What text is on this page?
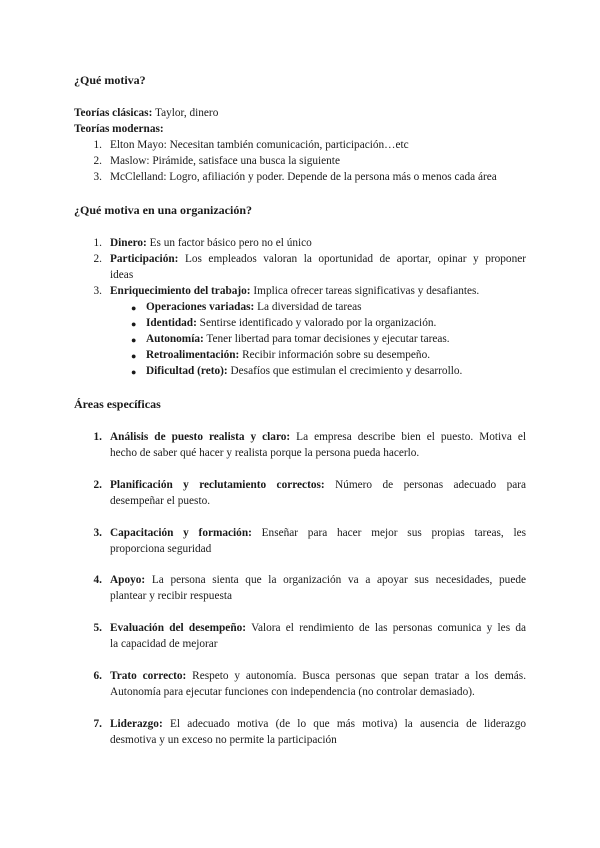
¿Qué motiva?
Teorías clásicas: Taylor, dinero
Teorías modernas:
1. Elton Mayo: Necesitan también comunicación, participación…etc
2. Maslow: Pirámide, satisface una busca la siguiente
3. McClelland: Logro, afiliación y poder. Depende de la persona más o menos cada área
¿Qué motiva en una organización?
1. Dinero: Es un factor básico pero no el único
2. Participación: Los empleados valoran la oportunidad de aportar, opinar y proponer
ideas
3. Enriquecimiento del trabajo: Implica ofrecer tareas significativas y desafiantes.
● Operaciones variadas: La diversidad de tareas
● Identidad: Sentirse identificado y valorado por la organización.
● Autonomía: Tener libertad para tomar decisiones y ejecutar tareas.
● Retroalimentación: Recibir información sobre su desempeño.
● Dificultad (reto): Desafíos que estimulan el crecimiento y desarrollo.
Áreas específicas
1. Análisis de puesto realista y claro: La empresa describe bien el puesto. Motiva el
hecho de saber qué hacer y realista porque la persona pueda hacerlo.
2. Planificación y reclutamiento correctos: Número de personas adecuado para
desempeñar el puesto.
3. Capacitación y formación: Enseñar para hacer mejor sus propias tareas, les
proporciona seguridad
4. Apoyo: La persona sienta que la organización va a apoyar sus necesidades, puede
plantear y recibir respuesta
5. Evaluación del desempeño: Valora el rendimiento de las personas comunica y les da
la capacidad de mejorar
6. Trato correcto: Respeto y autonomía. Busca personas que sepan tratar a los demás.
Autonomía para ejecutar funciones con independencia (no controlar demasiado).
7. Liderazgo: El adecuado motiva (de lo que más motiva) la ausencia de liderazgo
desmotiva y un exceso no permite la participación
